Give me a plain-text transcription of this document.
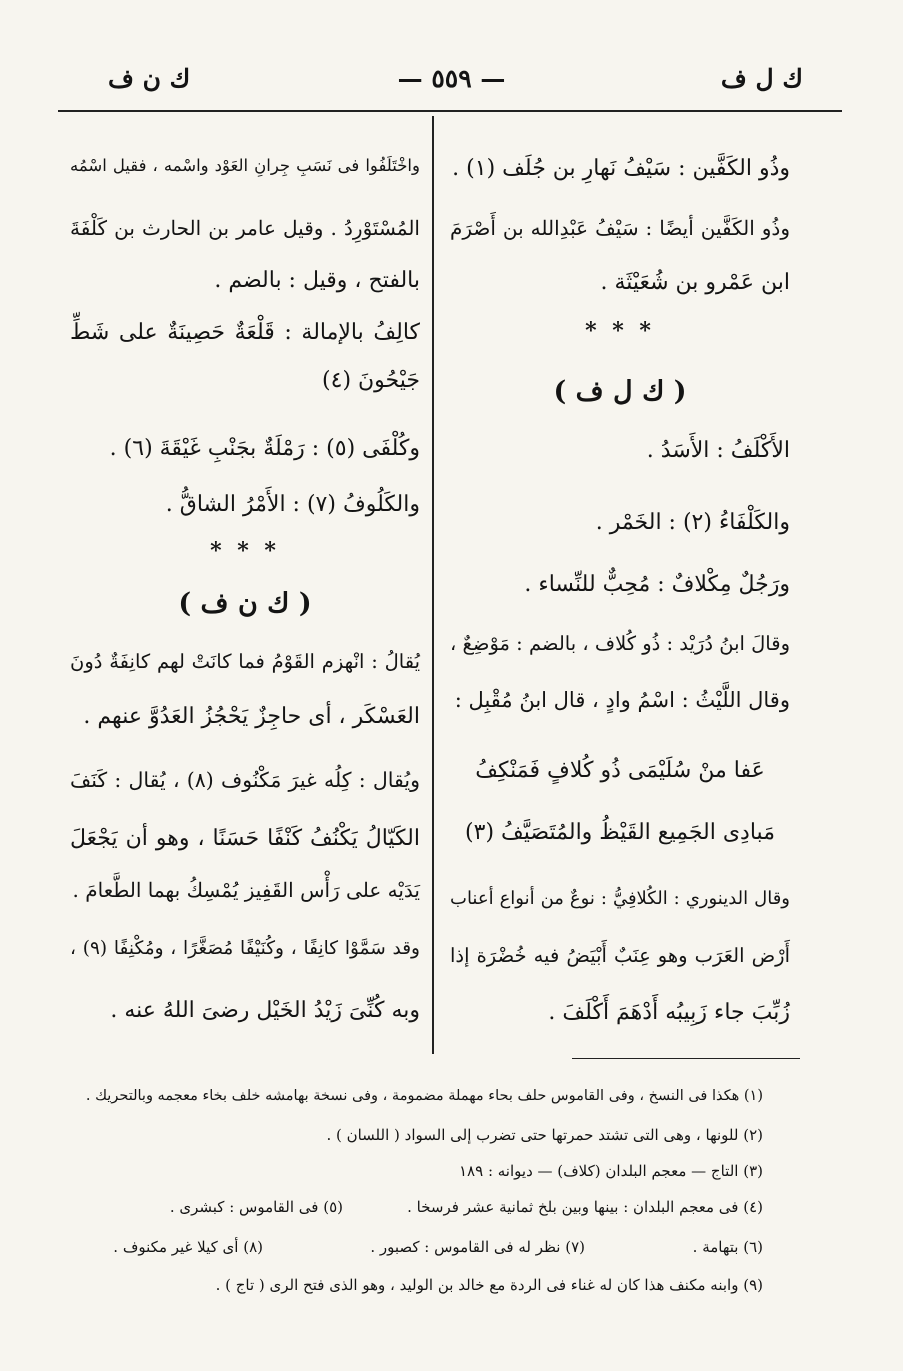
ك ل ف
— ٥٥٩ —
ك ن ف
وذُو الكَفَّين : سَيْفُ نَهارِ بن جُلَف (١) .
وذُو الكَفَّين أيضًا : سَيْفُ عَبْدِالله بن أَصْرَمَ
ابن عَمْرو بن شُعَيْثَة .
* * *
( ك ل ف )
الأَكْلَفُ : الأَسَدُ .
والكَلْفَاءُ (٢) : الخَمْر .
ورَجُلٌ مِكْلافٌ : مُحِبٌّ للنِّساء .
وقالَ ابنُ دُرَيْد : ذُو كُلاف ، بالضم : مَوْضِعٌ ،
وقال اللَّيْثُ : اسْمُ وادٍ ، قال ابنُ مُقْبِل :
عَفا منْ سُلَيْمَى ذُو كُلافٍ فَمَنْكِفُ
مَبادِى الجَمِيع القَيْظُ والمُتَصَيَّفُ (٣)
وقال الدينوري : الكُلافِيُّ : نوعٌ من أنواع أعناب
أَرْض العَرَب وهو عِنَبٌ أَبْيَضُ فيه خُضْرَة إذا
زُبِّبَ جاء زَبِيبُه أَدْهَمَ أَكْلَفَ .
واخْتَلَفُوا فى نَسَبِ جِرانِ العَوْد واسْمه ، فقيل اسْمُه
المُسْتَوْرِدُ . وقيل عامر بن الحارث بن كَلْفَةَ
بالفتح ، وقيل : بالضم .
كالِفُ بالإمالة : قَلْعَةٌ حَصِينَةٌ على شَطِّ
جَيْحُونَ (٤)
وكُلْفَى (٥) : رَمْلَةٌ بجَنْبِ غَيْقَةَ (٦) .
والكَلُوفُ (٧) : الأَمْرُ الشاقُّ .
* * *
( ك ن ف )
يُقالُ : انْهزم القَوْمُ فما كانَتْ لهم كانِفَةٌ دُونَ
العَسْكَر ، أى حاجِزٌ يَحْجُزُ العَدُوَّ عنهم .
ويُقال : كِلُه غيرَ مَكْنُوف (٨) ، يُقال : كَنَفَ
الكَيّالُ يَكْنُفُ كَنْفًا حَسَنًا ، وهو أن يَجْعَلَ
يَدَيْه على رَأْس القَفِيز يُمْسِكُ بهما الطَّعامَ .
وقد سَمَّوْا كانِفًا ، وكُنَيْفًا مُصَغَّرًا ، ومُكْنِفًا (٩) ،
وبه كُنِّىَ زَيْدُ الخَيْل رضىَ اللهُ عنه .
(١) هكذا فى النسخ ، وفى القاموس حلف بحاء مهملة مضمومة ، وفى نسخة بهامشه خلف بخاء معجمه وبالتحريك .
(٢) للونها ، وهى التى تشتد حمرتها حتى تضرب إلى السواد ( اللسان ) .
(٣) التاج — معجم البلدان (كلاف) — ديوانه : ١٨٩
(٤) فى معجم البلدان : بينها وبين بلخ ثمانية عشر فرسخا .
(٥) فى القاموس : كبشرى .
(٦) بتهامة .
(٧) نظر له فى القاموس : كصبور .
(٨) أى كيلا غير مكنوف .
(٩) وابنه مكنف هذا كان له غناء فى الردة مع خالد بن الوليد ، وهو الذى فتح الرى ( تاج ) .
